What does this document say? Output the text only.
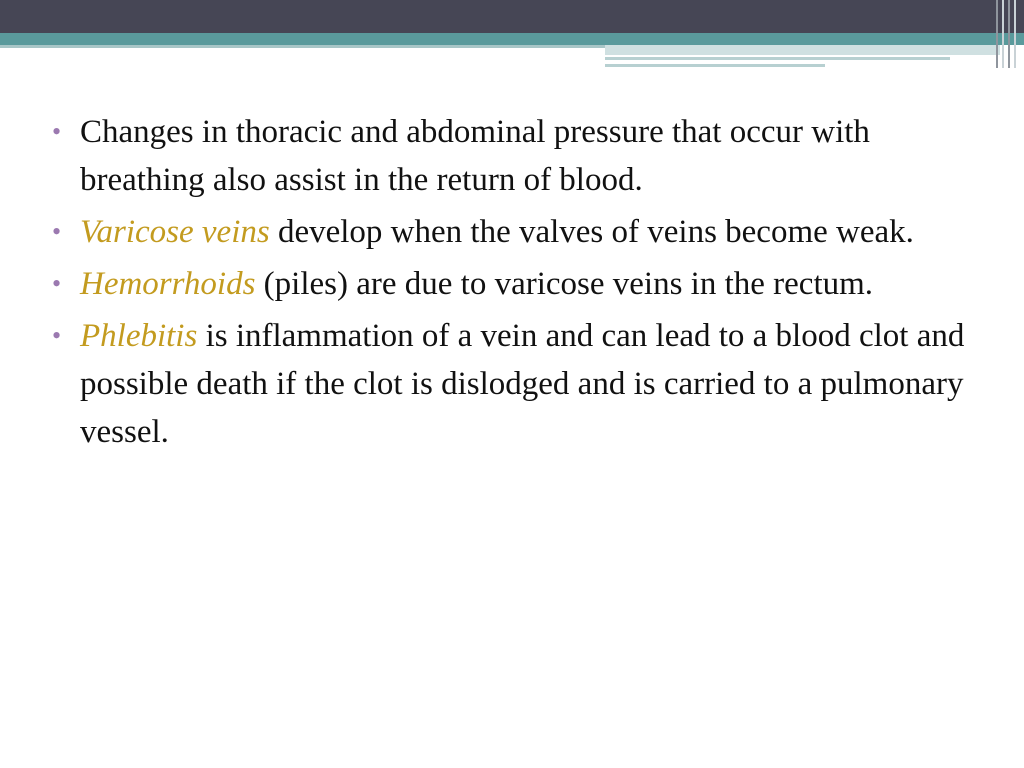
• Changes in thoracic and abdominal pressure that occur with breathing also assist in the return of blood.
• Varicose veins develop when the valves of veins become weak.
• Hemorrhoids (piles) are due to varicose veins in the rectum.
• Phlebitis is inflammation of a vein and can lead to a blood clot and possible death if the clot is dislodged and is carried to a pulmonary vessel.
